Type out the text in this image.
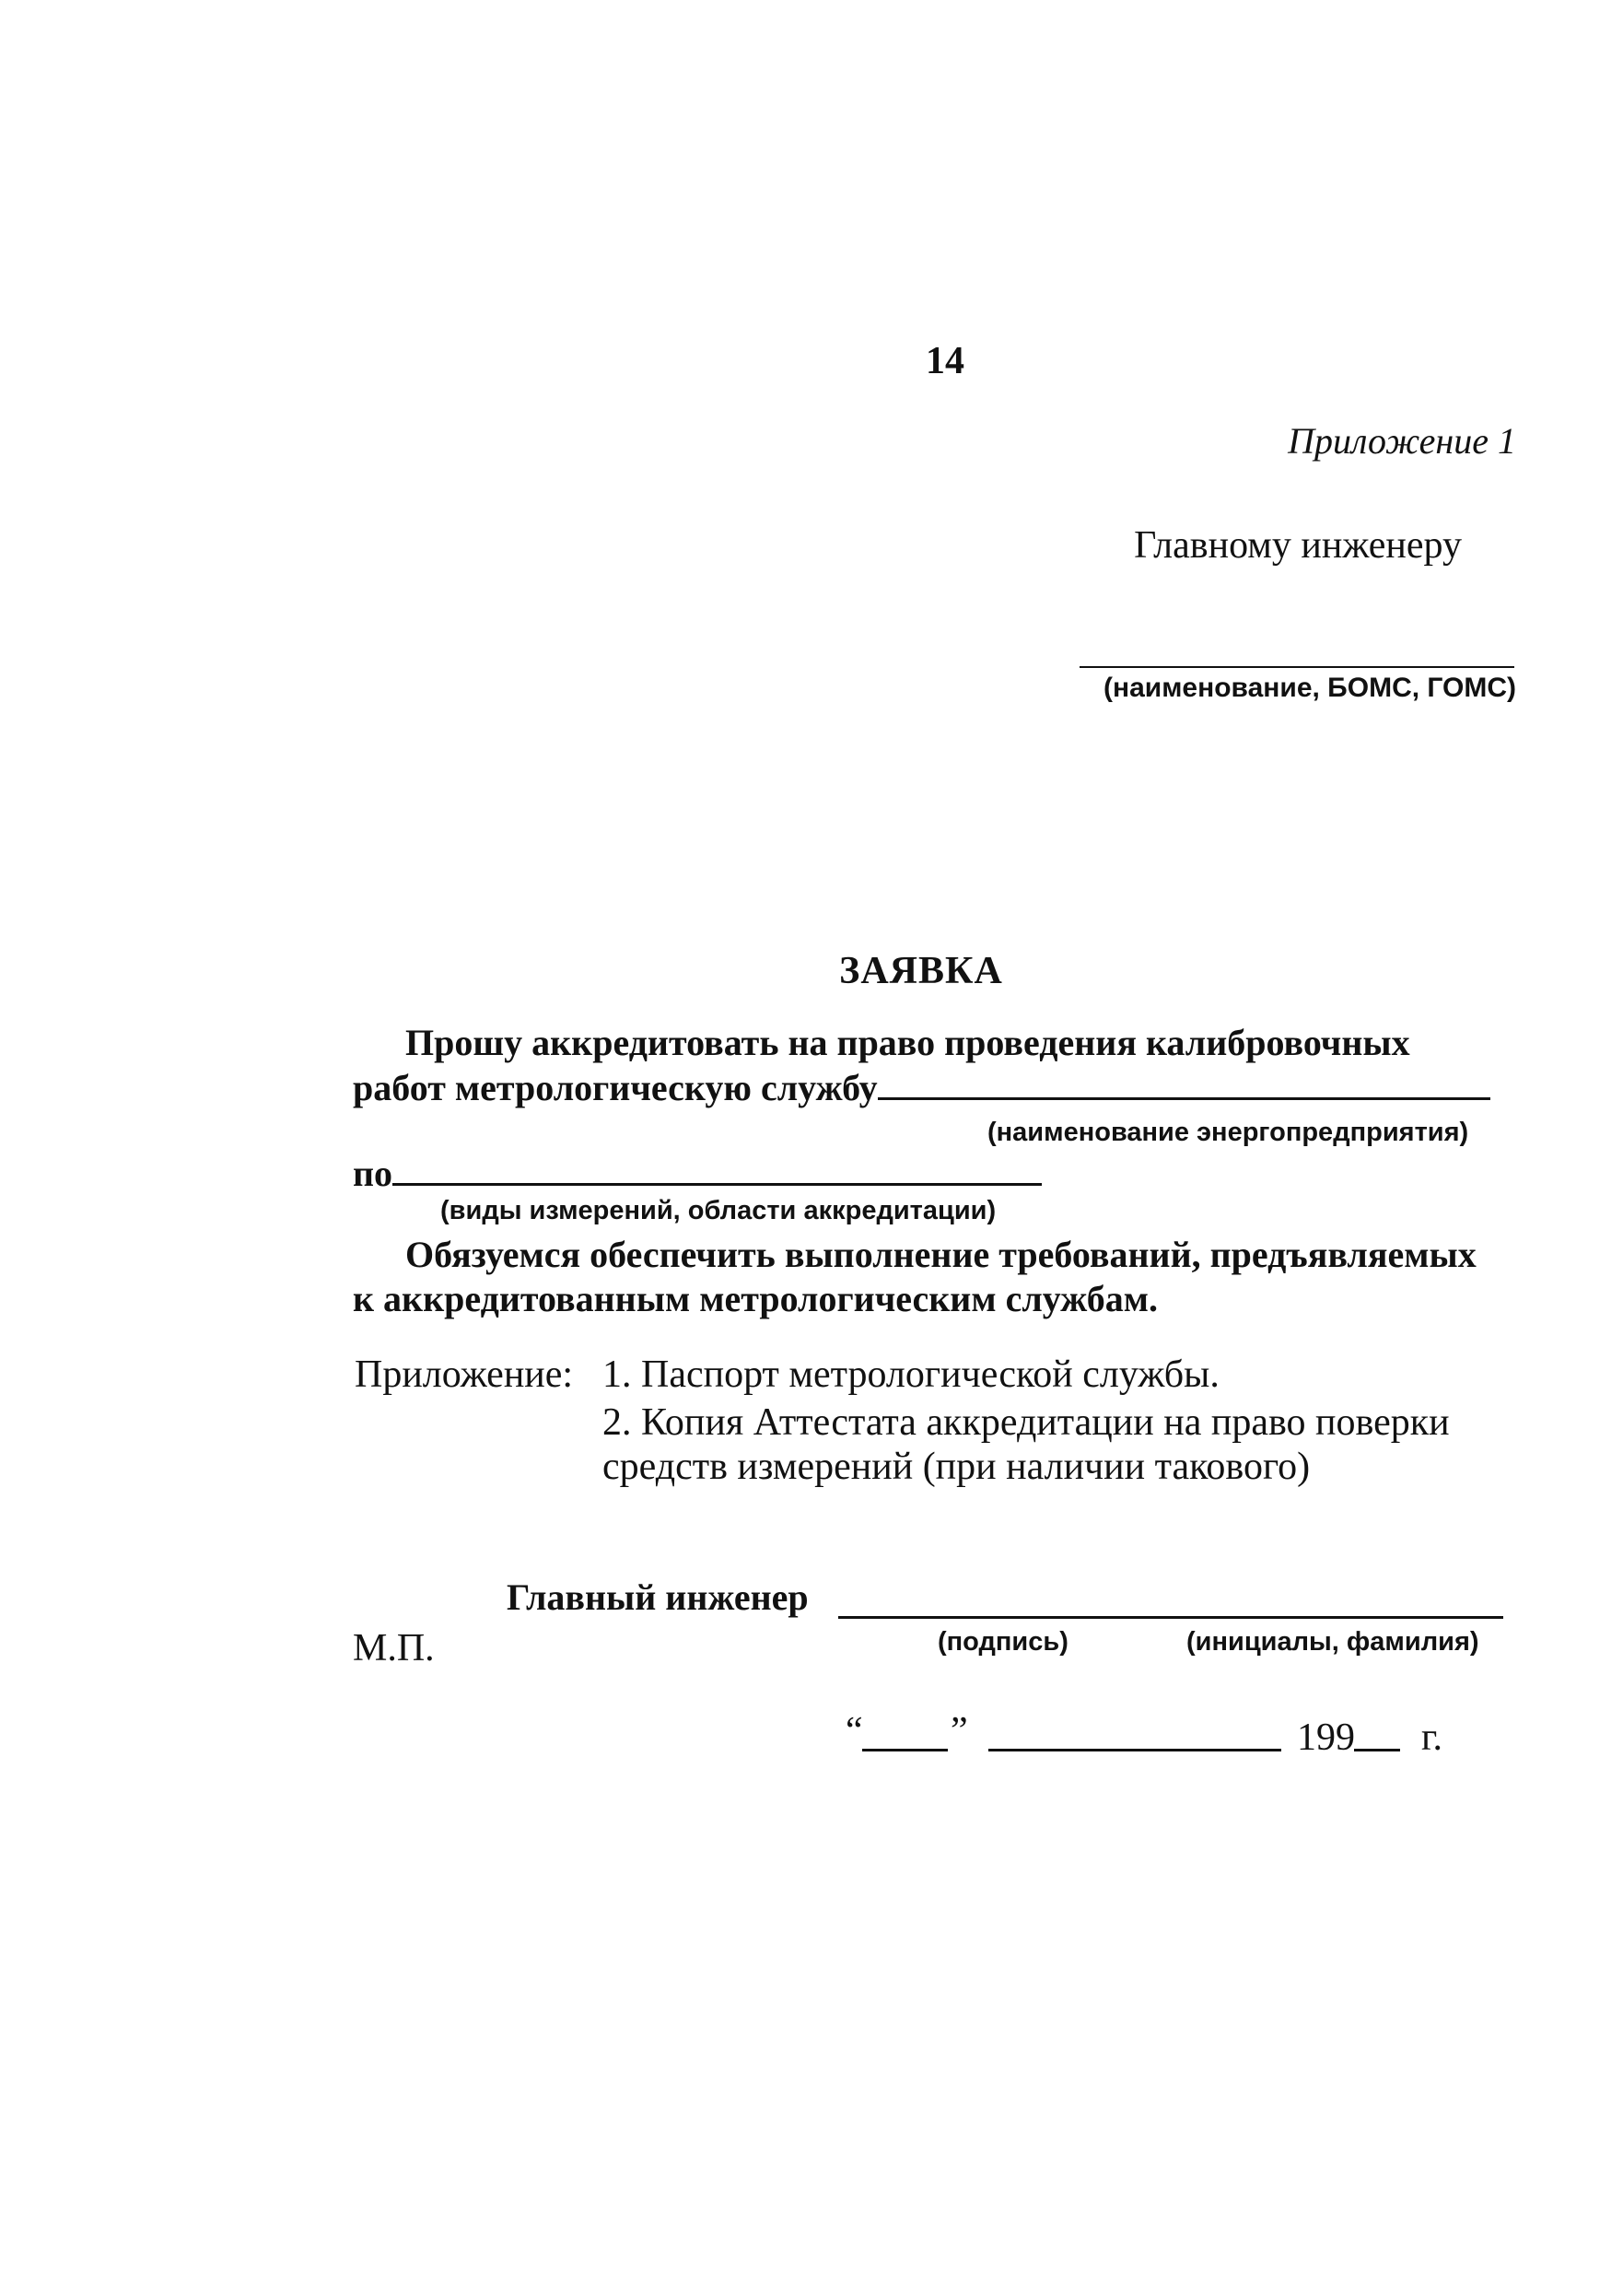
14
Приложение 1
Главному инженеру
(наименование, БОМС, ГОМС)
ЗАЯВКА
Прошу аккредитовать на право проведения калибровочных
работ метрологическую службу
(наименование энергопредприятия)
по
(виды измерений, области аккредитации)
Обязуемся обеспечить выполнение требований, предъявляемых
к аккредитованным метрологическим службам.
Приложение: 1. Паспорт метрологической службы.
2. Копия Аттестата аккредитации на право поверки
средств измерений (при наличии такового)
Главный инженер
М.П.	(подпись)	(инициалы, фамилия)
“ ”	199 г.
